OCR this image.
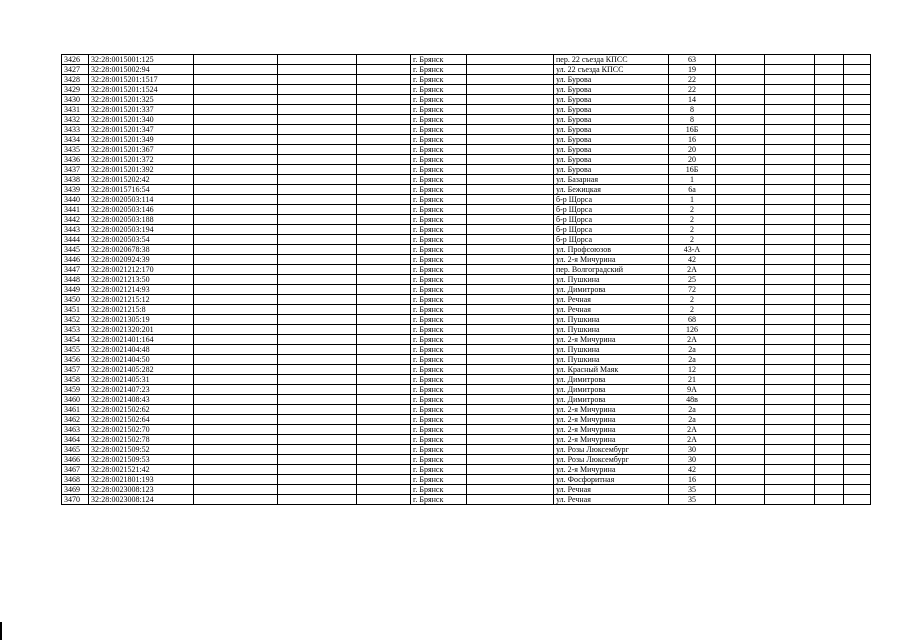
3426	32:28:0015001:125				г. Брянск		пер. 22 съезда КПСС	63				
3427	32:28:0015002:94				г. Брянск		ул. 22 съезда КПСС	19				
3428	32:28:0015201:1517				г. Брянск		ул. Бурова	22				
3429	32:28:0015201:1524				г. Брянск		ул. Бурова	22				
3430	32:28:0015201:325				г. Брянск		ул. Бурова	14				
3431	32:28:0015201:337				г. Брянск		ул. Бурова	8				
3432	32:28:0015201:340				г. Брянск		ул. Бурова	8				
3433	32:28:0015201:347				г. Брянск		ул. Бурова	16Б				
3434	32:28:0015201:349				г. Брянск		ул. Бурова	16				
3435	32:28:0015201:367				г. Брянск		ул. Бурова	20				
3436	32:28:0015201:372				г. Брянск		ул. Бурова	20				
3437	32:28:0015201:392				г. Брянск		ул. Бурова	16Б				
3438	32:28:0015202:42				г. Брянск		ул. Базарная	1				
3439	32:28:0015716:54				г. Брянск		ул. Бежицкая	6а				
3440	32:28:0020503:114				г. Брянск		б-р Щорса	1				
3441	32:28:0020503:146				г. Брянск		б-р Щорса	2				
3442	32:28:0020503:188				г. Брянск		б-р Щорса	2				
3443	32:28:0020503:194				г. Брянск		б-р Щорса	2				
3444	32:28:0020503:54				г. Брянск		б-р Щорса	2				
3445	32:28:0020678:38				г. Брянск		ул. Профсоюзов	43-А				
3446	32:28:0020924:39				г. Брянск		ул. 2-я Мичурина	42				
3447	32:28:0021212:170				г. Брянск		пер. Волгоградский	2А				
3448	32:28:0021213:50				г. Брянск		ул. Пушкина	25				
3449	32:28:0021214:93				г. Брянск		ул. Димитрова	72				
3450	32:28:0021215:12				г. Брянск		ул. Речная	2				
3451	32:28:0021215:8				г. Брянск		ул. Речная	2				
3452	32:28:0021305:19				г. Брянск		ул. Пушкина	68				
3453	32:28:0021320:201				г. Брянск		ул. Пушкина	126				
3454	32:28:0021401:164				г. Брянск		ул. 2-я Мичурина	2А				
3455	32:28:0021404:48				г. Брянск		ул. Пушкина	2а				
3456	32:28:0021404:50				г. Брянск		ул. Пушкина	2а				
3457	32:28:0021405:282				г. Брянск		ул. Красный Маяк	12				
3458	32:28:0021405:31				г. Брянск		ул. Димитрова	21				
3459	32:28:0021407:23				г. Брянск		ул. Димитрова	9А				
3460	32:28:0021408:43				г. Брянск		ул. Димитрова	48в				
3461	32:28:0021502:62				г. Брянск		ул. 2-я Мичурина	2а				
3462	32:28:0021502:64				г. Брянск		ул. 2-я Мичурина	2а				
3463	32:28:0021502:70				г. Брянск		ул. 2-я Мичурина	2А				
3464	32:28:0021502:78				г. Брянск		ул. 2-я Мичурина	2А				
3465	32:28:0021509:52				г. Брянск		ул. Розы Люксембург	30				
3466	32:28:0021509:53				г. Брянск		ул. Розы Люксембург	30				
3467	32:28:0021521:42				г. Брянск		ул. 2-я Мичурина	42				
3468	32:28:0021801:193				г. Брянск		ул. Фосфоритная	16				
3469	32:28:0023008:123				г. Брянск		ул. Речная	35				
3470	32:28:0023008:124				г. Брянск		ул. Речная	35				
